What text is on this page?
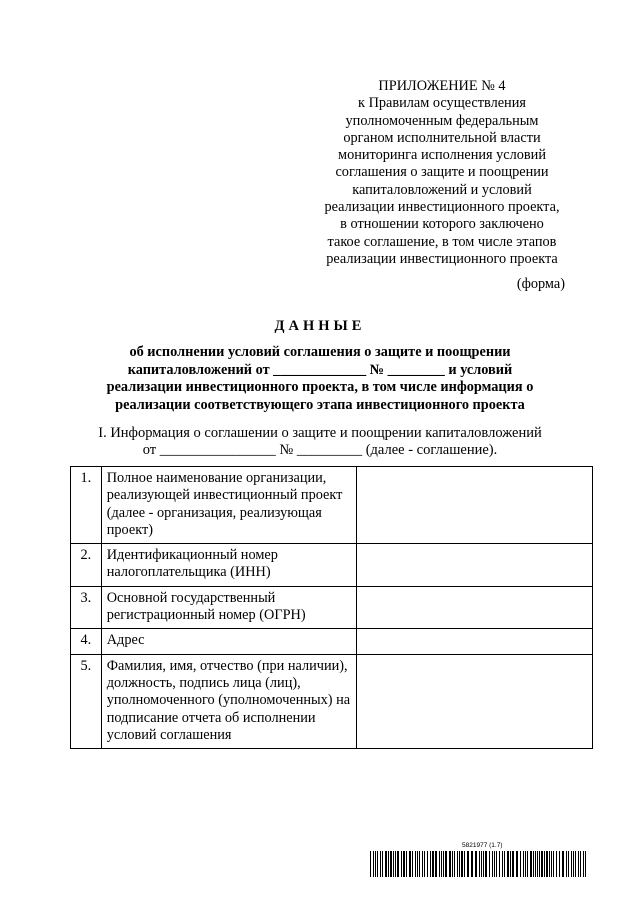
ПРИЛОЖЕНИЕ № 4
к Правилам осуществления
уполномоченным федеральным
органом исполнительной власти
мониторинга исполнения условий
соглашения о защите и поощрении
капиталовложений и условий
реализации инвестиционного проекта,
в отношении которого заключено
такое соглашение, в том числе этапов
реализации инвестиционного проекта
(форма)
ДАННЫЕ
об исполнении условий соглашения о защите и поощрении
капиталовложений от _____________ № ________ и условий
реализации инвестиционного проекта, в том числе информация о
реализации соответствующего этапа инвестиционного проекта
I. Информация о соглашении о защите и поощрении капиталовложений
от ________________ № _________ (далее - соглашение).
1.	Полное наименование организации, реализующей инвестиционный проект (далее - организация, реализующая проект)	
2.	Идентификационный номер налогоплательщика (ИНН)	
3.	Основной государственный регистрационный номер (ОГРН)	
4.	Адрес	
5.	Фамилия, имя, отчество (при наличии), должность, подпись лица (лиц), уполномоченного (уполномоченных) на подписание отчета об исполнении условий соглашения	
5821977 (1.7)
